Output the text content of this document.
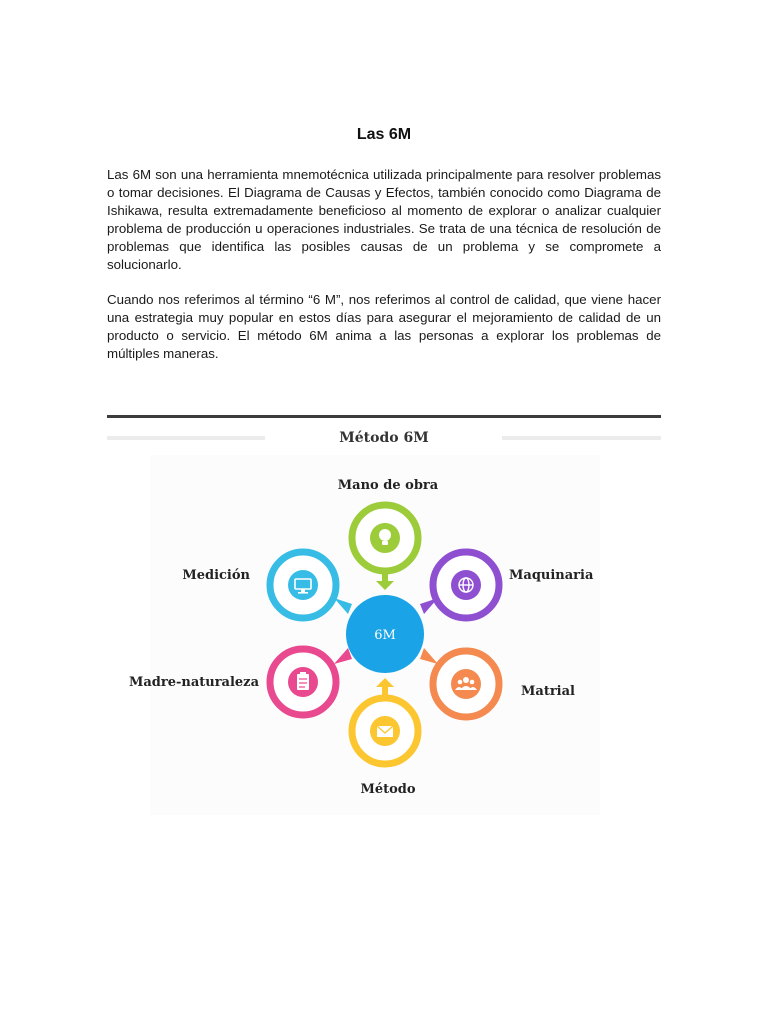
Las 6M

Las 6M son una herramienta mnemotécnica utilizada principalmente para resolver problemas o tomar decisiones. El Diagrama de Causas y Efectos, también conocido como Diagrama de Ishikawa, resulta extremadamente beneficioso al momento de explorar o analizar cualquier problema de producción u operaciones industriales. Se trata de una técnica de resolución de problemas que identifica las posibles causas de un problema y se compromete a solucionarlo.

Cuando nos referimos al término “6 M”, nos referimos al control de calidad, que viene hacer una estrategia muy popular en estos días para asegurar el mejoramiento de calidad de un producto o servicio. El método 6M anima a las personas a explorar los problemas de múltiples maneras.

Método 6M
6M
Mano de obra
Maquinaria
Matrial
Método
Madre-naturaleza
Medición
